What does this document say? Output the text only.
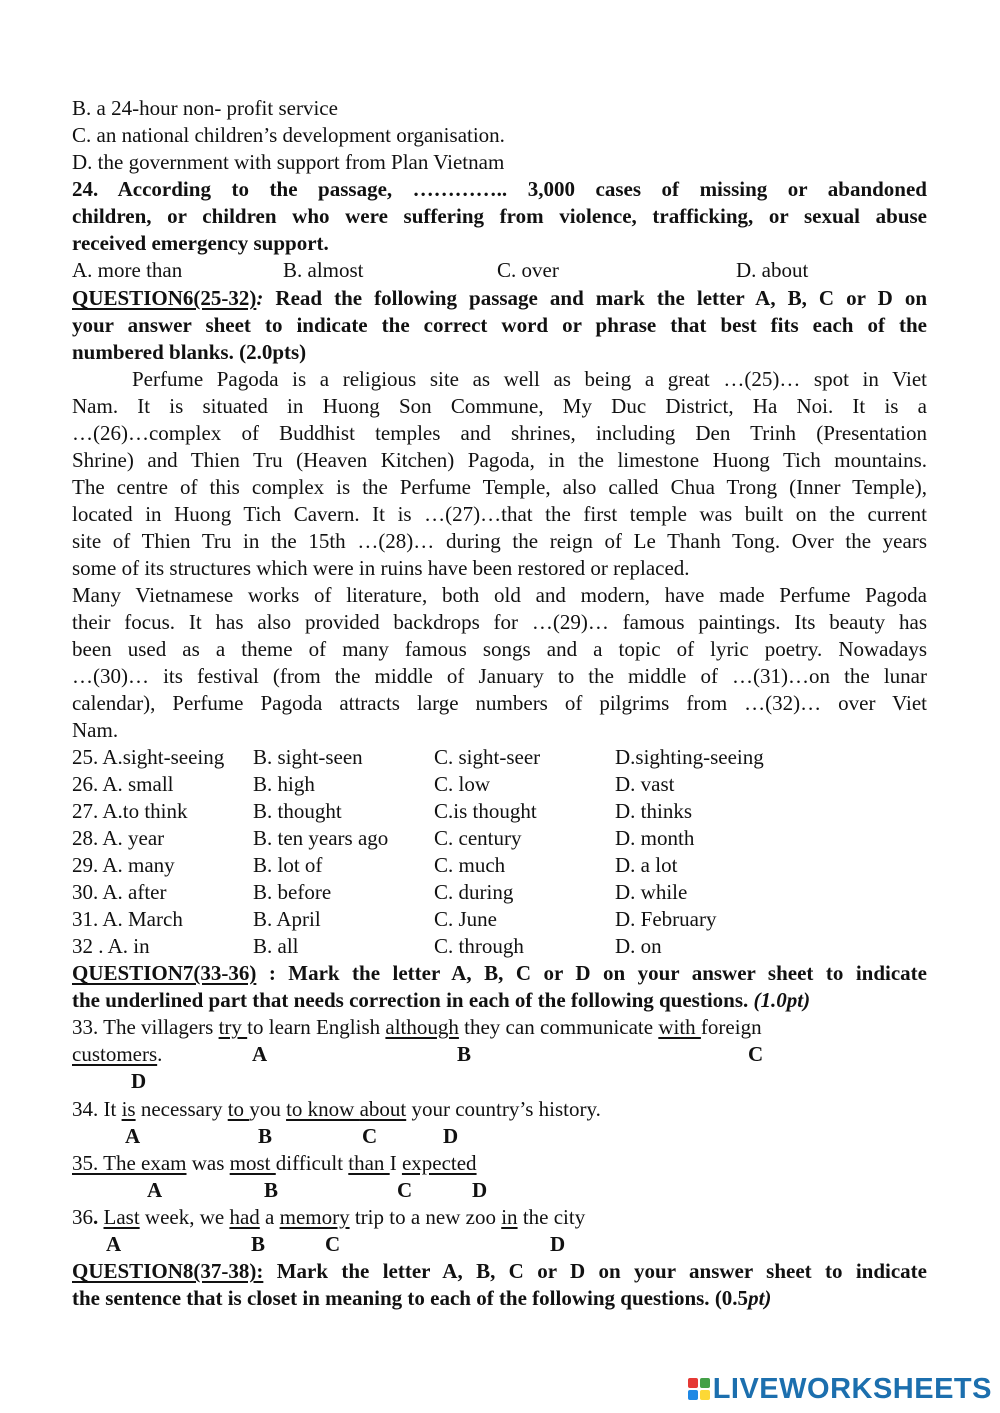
B. a 24-hour non- profit service
C. an national children’s development organisation.
D. the government with support from Plan Vietnam
24. According to the passage, ………….. 3,000 cases of missing or abandoned
children, or children who were suffering from violence, trafficking, or sexual abuse
received emergency support.
A. more than	B. almost	C. over	D. about
QUESTION6(25-32): Read the following passage and mark the letter A, B, C or D on
your answer sheet to indicate the correct word or phrase that best fits each of the
numbered blanks. (2.0pts)
Perfume Pagoda is a religious site as well as being a great …(25)… spot in Viet
Nam. It is situated in Huong Son Commune, My Duc District, Ha Noi. It is a
…(26)…complex of Buddhist temples and shrines, including Den Trinh (Presentation
Shrine) and Thien Tru (Heaven Kitchen) Pagoda, in the limestone Huong Tich mountains.
The centre of this complex is the Perfume Temple, also called Chua Trong (Inner Temple),
located in Huong Tich Cavern. It is …(27)…that the first temple was built on the current
site of Thien Tru in the 15th …(28)… during the reign of Le Thanh Tong. Over the years
some of its structures which were in ruins have been restored or replaced.
Many Vietnamese works of literature, both old and modern, have made Perfume Pagoda
their focus. It has also provided backdrops for …(29)… famous paintings. Its beauty has
been used as a theme of many famous songs and a topic of lyric poetry. Nowadays
…(30)… its festival (from the middle of January to the middle of …(31)…on the lunar
calendar), Perfume Pagoda attracts large numbers of pilgrims from …(32)… over Viet
Nam.
25. A.sight-seeing B. sight-seen	C. sight-seer	D.sighting-seeing
26. A. small	B. high	C. low	D. vast
27. A.to think	B. thought	C.is thought	D. thinks
28. A. year	B. ten years ago C. century	D. month
29. A. many	B. lot of	C. much	D. a lot
30. A. after	B. before	C. during	D. while
31. A. March	B. April	C. June	D. February
32 . A. in	B. all	C. through	D. on
QUESTION7(33-36) : Mark the letter A, B, C or D on your answer sheet to indicate
the underlined part that needs correction in each of the following questions. (1.0pt)
33. The villagers try to learn English although they can communicate with foreign
customers.	A	B	C
D
34. It is necessary to you to know about your country’s history.
A	B	C	D
35. The exam was most difficult than I expected
A	B	C	D
36. Last week, we had a memory trip to a new zoo in the city
A	B	C	D
QUESTION8(37-38): Mark the letter A, B, C or D on your answer sheet to indicate
the sentence that is closet in meaning to each of the following questions. (0.5pt)
LIVEWORKSHEETS
